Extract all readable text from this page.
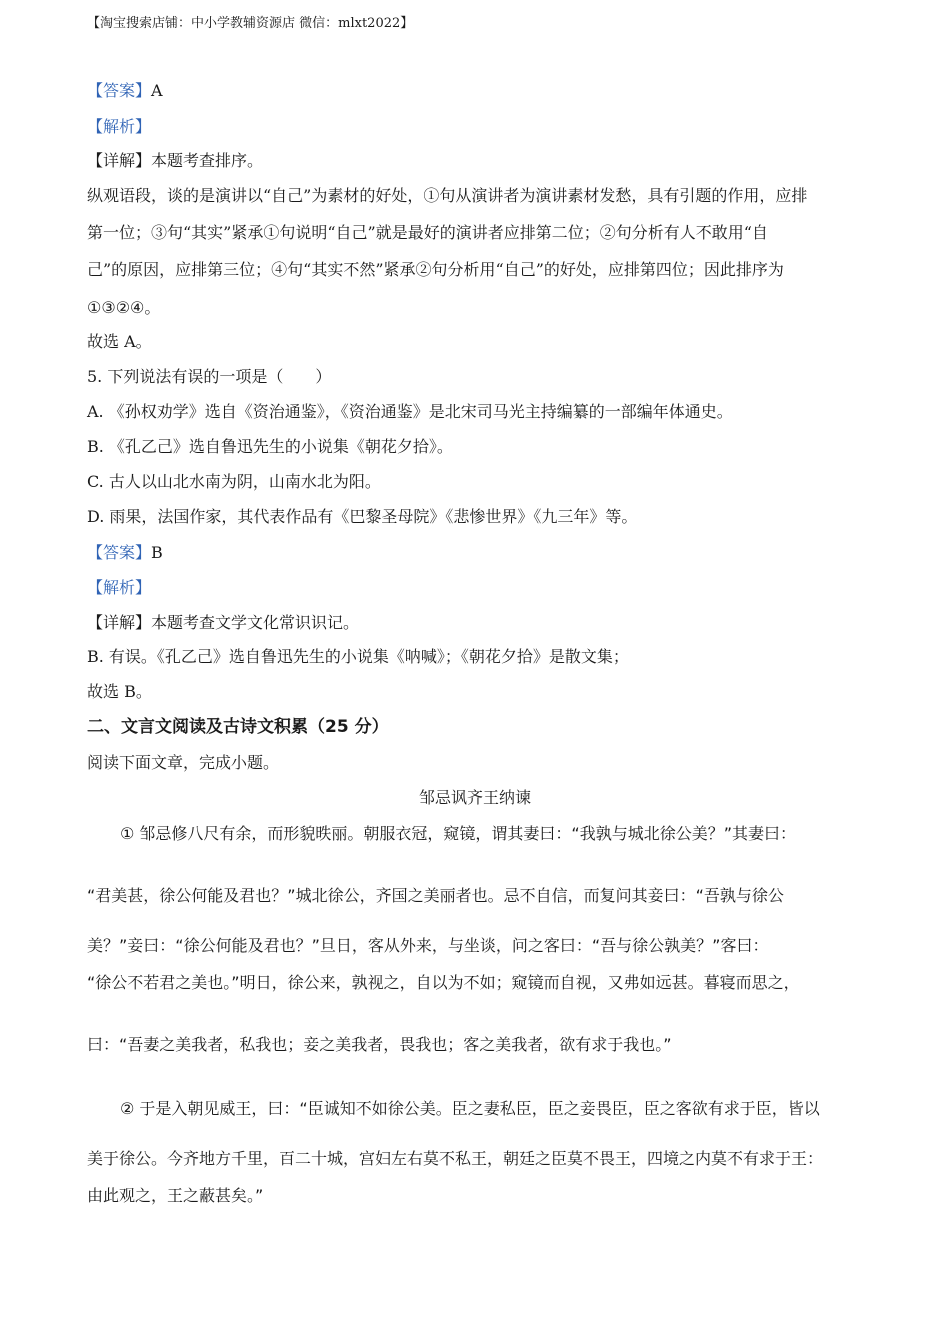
【淘宝搜索店铺：中小学教辅资源店 微信：mlxt2022】
【答案】A
【解析】
【详解】本题考查排序。
纵观语段，谈的是演讲以“自己”为素材的好处，①句从演讲者为演讲素材发愁，具有引题的作用，应排
第一位；③句“其实”紧承①句说明“自己”就是最好的演讲者应排第二位；②句分析有人不敢用“自
己”的原因，应排第三位；④句“其实不然”紧承②句分析用“自己”的好处，应排第四位；因此排序为
①③②④。
故选 A。
5. 下列说法有误的一项是（　　）
A. 《孙权劝学》选自《资治通鉴》，《资治通鉴》是北宋司马光主持编纂的一部编年体通史。
B. 《孔乙己》选自鲁迅先生的小说集《朝花夕拾》。
C. 古人以山北水南为阴，山南水北为阳。
D. 雨果，法国作家，其代表作品有《巴黎圣母院》《悲惨世界》《九三年》等。
【答案】B
【解析】
【详解】本题考查文学文化常识识记。
B. 有误。《孔乙己》选自鲁迅先生的小说集《呐喊》；《朝花夕拾》是散文集；
故选 B。
二、文言文阅读及古诗文积累（25 分）
阅读下面文章，完成小题。
邹忌讽齐王纳谏
① 邹忌修八尺有余，而形貌昳丽。朝服衣冠，窥镜，谓其妻曰：“我孰与城北徐公美？”其妻曰：
“君美甚，徐公何能及君也？”城北徐公，齐国之美丽者也。忌不自信，而复问其妾曰：“吾孰与徐公
美？”妾曰：“徐公何能及君也？”旦日，客从外来，与坐谈，问之客曰：“吾与徐公孰美？”客曰：
“徐公不若君之美也。”明日，徐公来，孰视之，自以为不如；窥镜而自视，又弗如远甚。暮寝而思之，
曰：“吾妻之美我者，私我也；妾之美我者，畏我也；客之美我者，欲有求于我也。”
② 于是入朝见威王，曰：“臣诚知不如徐公美。臣之妻私臣，臣之妾畏臣，臣之客欲有求于臣，皆以
美于徐公。今齐地方千里，百二十城，宫妇左右莫不私王，朝廷之臣莫不畏王，四境之内莫不有求于王：
由此观之，王之蔽甚矣。”
